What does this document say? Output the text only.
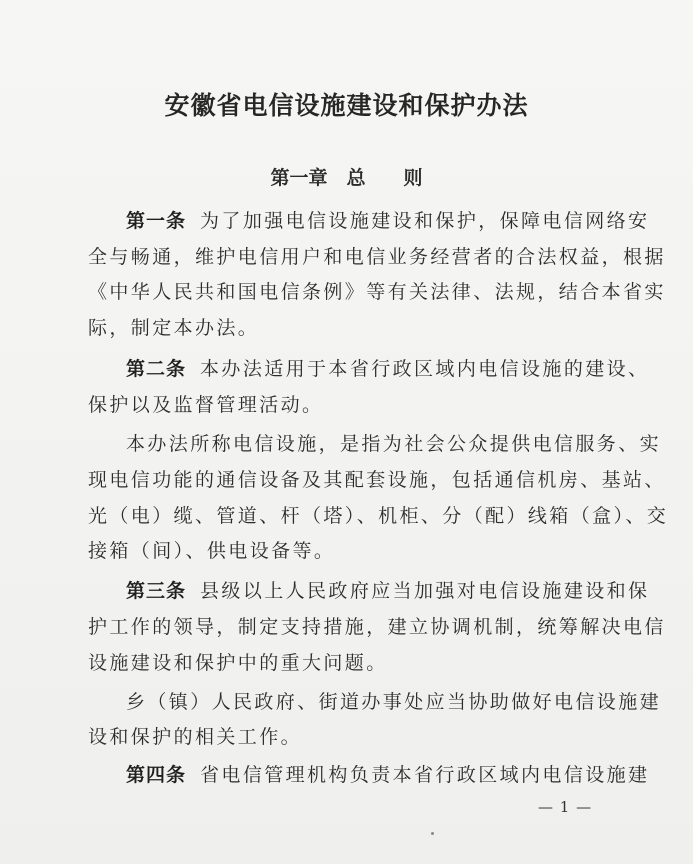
安徽省电信设施建设和保护办法
第一章　总　　则
第一条 为了加强电信设施建设和保护，保障电信网络安
全与畅通，维护电信用户和电信业务经营者的合法权益，根据
《中华人民共和国电信条例》等有关法律、法规，结合本省实
际，制定本办法。
第二条 本办法适用于本省行政区域内电信设施的建设、
保护以及监督管理活动。
本办法所称电信设施，是指为社会公众提供电信服务、实
现电信功能的通信设备及其配套设施，包括通信机房、基站、
光（电）缆、管道、杆（塔）、机柜、分（配）线箱（盒）、交
接箱（间）、供电设备等。
第三条 县级以上人民政府应当加强对电信设施建设和保
护工作的领导，制定支持措施，建立协调机制，统筹解决电信
设施建设和保护中的重大问题。
乡（镇）人民政府、街道办事处应当协助做好电信设施建
设和保护的相关工作。
第四条 省电信管理机构负责本省行政区域内电信设施建
— 1 —
